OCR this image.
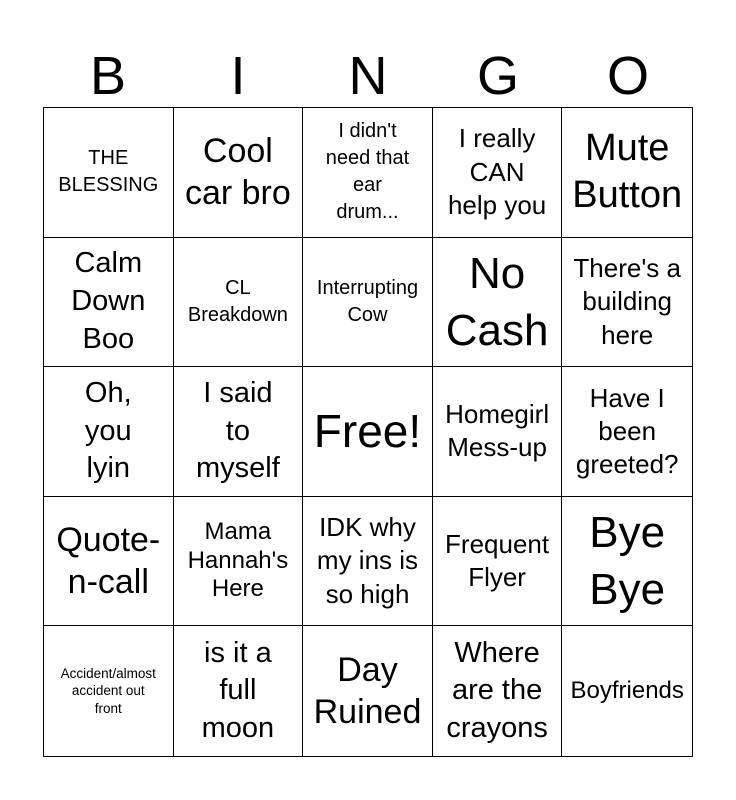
B	I	N	G	O
THE
BLESSING
Cool
car bro
I didn't
need that
ear
drum...
I really
CAN
help you
Mute
Button
Calm
Down
Boo
CL
Breakdown
Interrupting
Cow
No
Cash
There's a
building
here
Oh,
you
lyin
I said
to
myself
Free! Homegirl
Mess-up
Have I
been
greeted?
Quote-
n-call
Mama
Hannah's
Here
IDK why
my ins is
so high
Frequent
Flyer
Bye
Bye
Accident/almost
accident out
front
is it a
full
moon
Day
Ruined
Where
are the
crayons
Boyfriends
